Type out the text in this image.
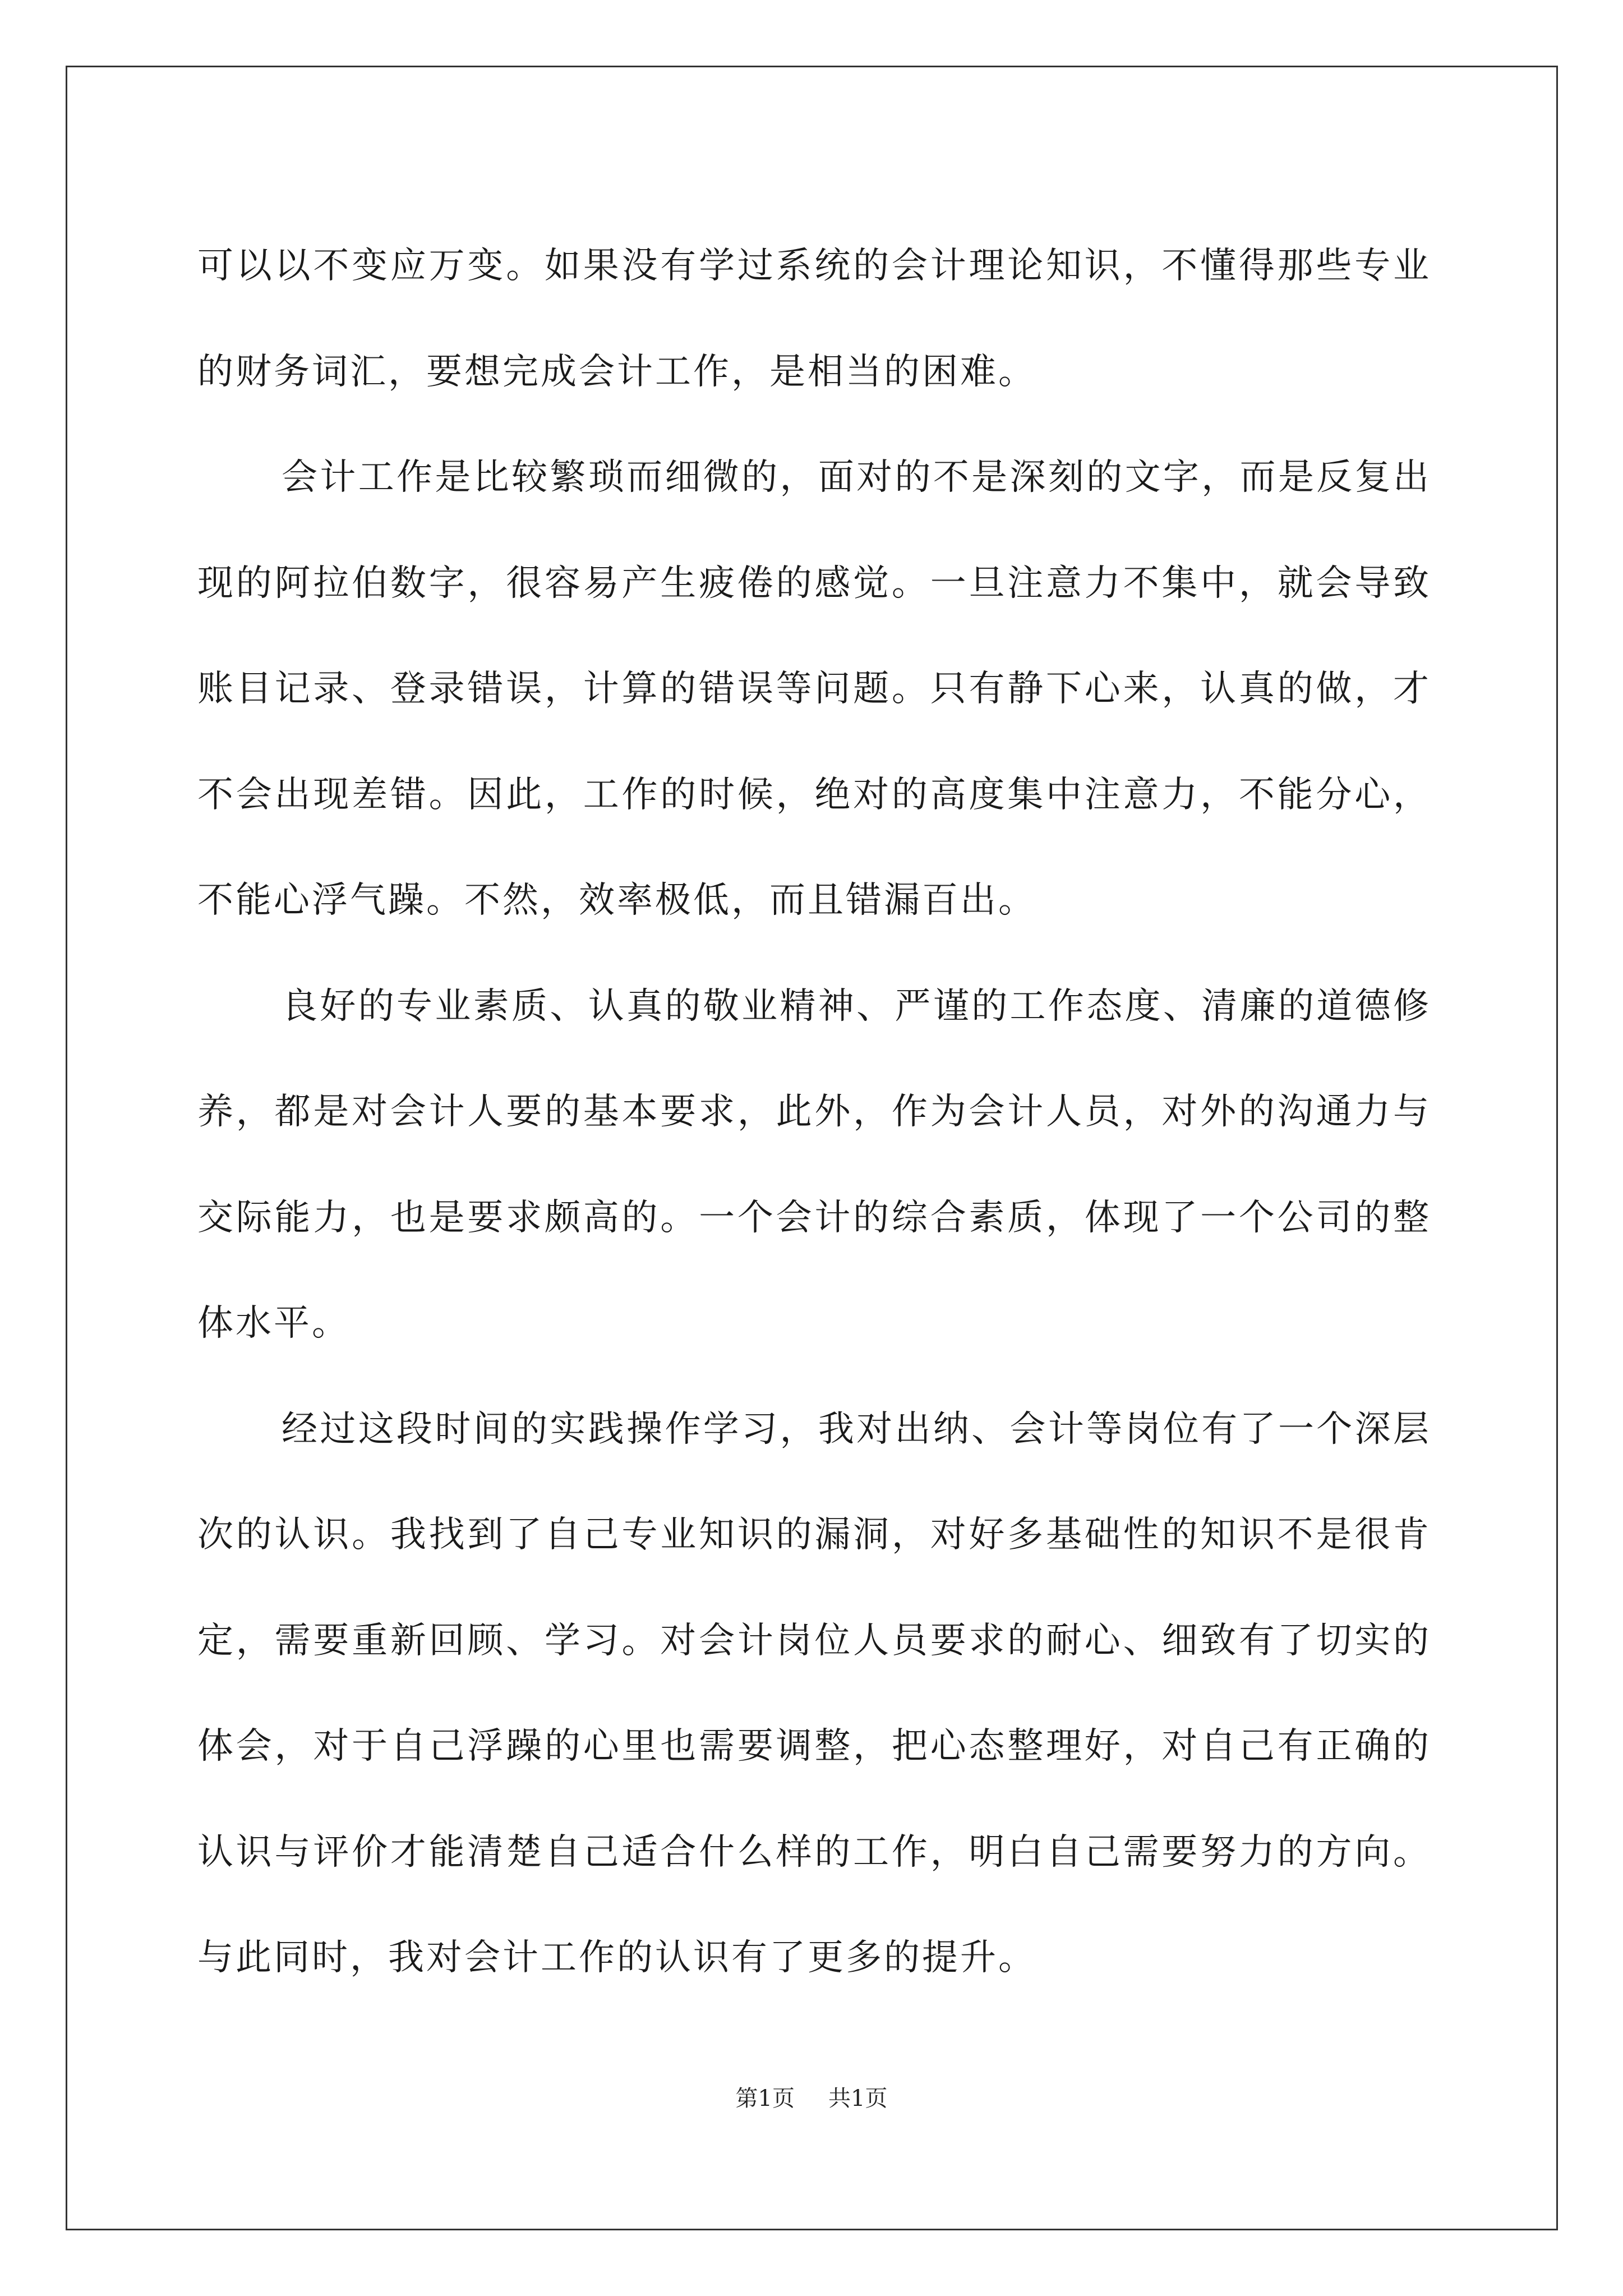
可以以不变应万变。如果没有学过系统的会计理论知识，不懂得那些专业的财务词汇，要想完成会计工作，是相当的困难。

会计工作是比较繁琐而细微的，面对的不是深刻的文字，而是反复出现的阿拉伯数字，很容易产生疲倦的感觉。一旦注意力不集中，就会导致账目记录、登录错误，计算的错误等问题。只有静下心来，认真的做，才不会出现差错。因此，工作的时候，绝对的高度集中注意力，不能分心，不能心浮气躁。不然，效率极低，而且错漏百出。

良好的专业素质、认真的敬业精神、严谨的工作态度、清廉的道德修养，都是对会计人要的基本要求，此外，作为会计人员，对外的沟通力与交际能力，也是要求颇高的。一个会计的综合素质，体现了一个公司的整体水平。

经过这段时间的实践操作学习，我对出纳、会计等岗位有了一个深层次的认识。我找到了自己专业知识的漏洞，对好多基础性的知识不是很肯定，需要重新回顾、学习。对会计岗位人员要求的耐心、细致有了切实的体会，对于自己浮躁的心里也需要调整，把心态整理好，对自己有正确的认识与评价才能清楚自己适合什么样的工作，明白自己需要努力的方向。与此同时，我对会计工作的认识有了更多的提升。

第1页 共1页
